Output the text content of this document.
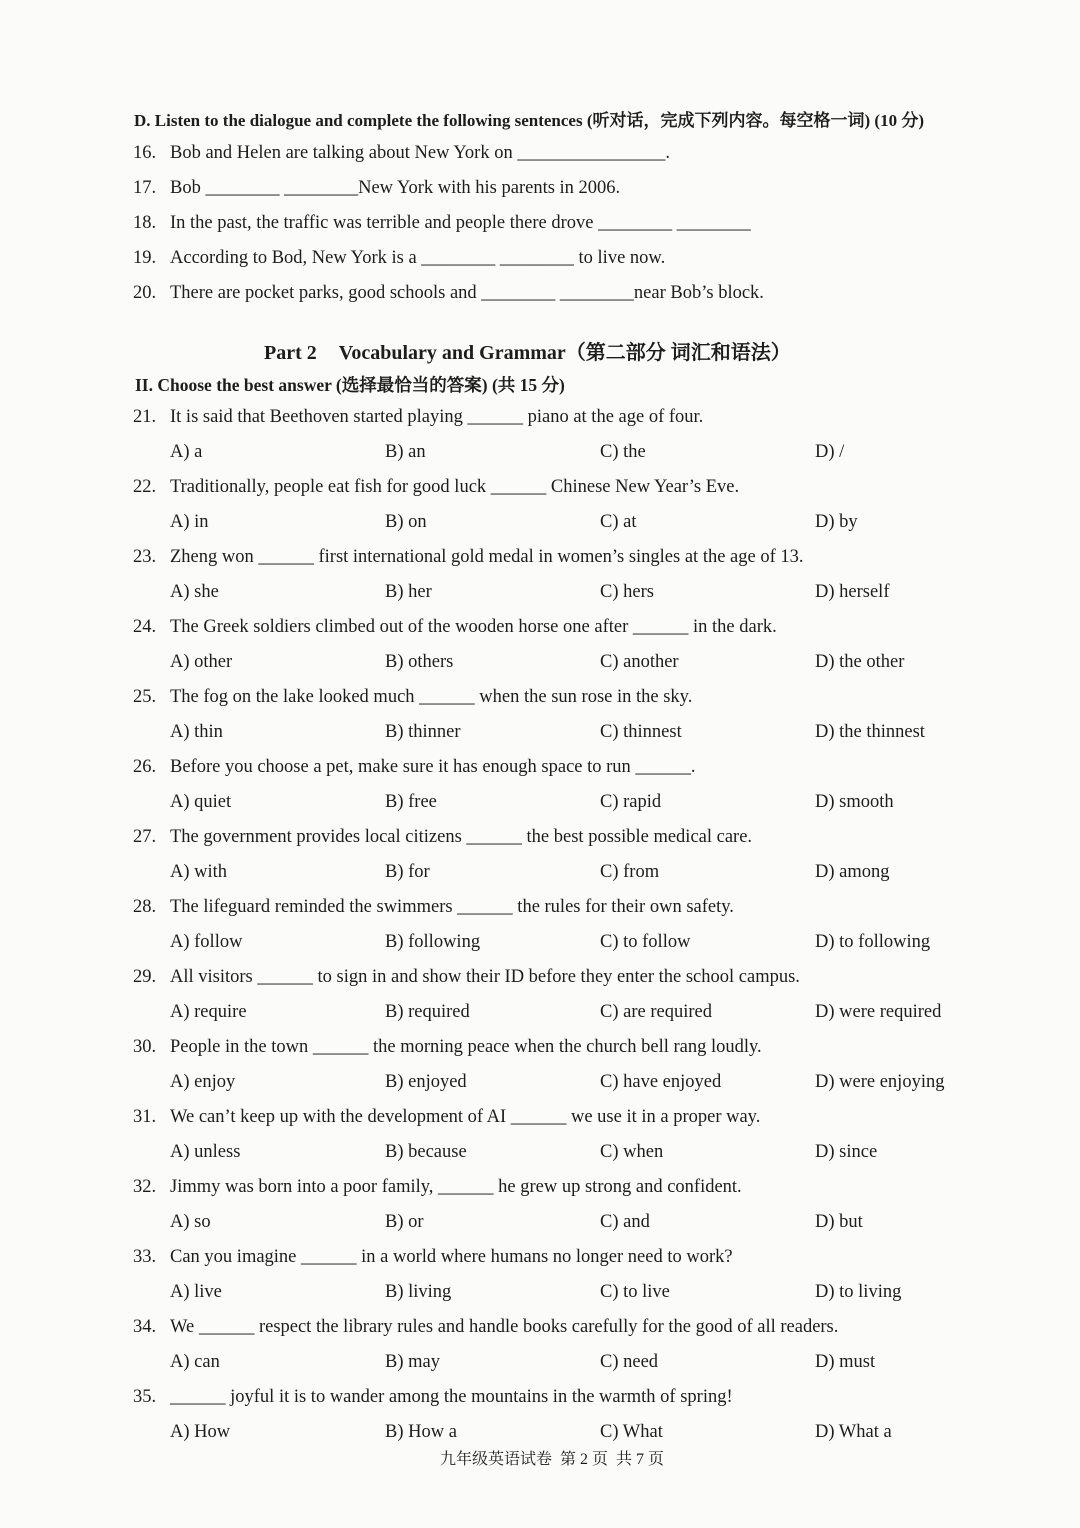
D. Listen to the dialogue and complete the following sentences (听对话，完成下列内容。每空格一词) (10 分)
16. Bob and Helen are talking about New York on ________________.
17. Bob ________ ________New York with his parents in 2006.
18. In the past, the traffic was terrible and people there drove ________ ________
19. According to Bod, New York is a ________ ________ to live now.
20. There are pocket parks, good schools and ________ ________near Bob’s block.
Part 2 Vocabulary and Grammar（第二部分 词汇和语法）
II. Choose the best answer (选择最恰当的答案) (共 15 分)
21. It is said that Beethoven started playing ______ piano at the age of four.
A) a	B) an	C) the	D) /
22. Traditionally, people eat fish for good luck ______ Chinese New Year’s Eve.
A) in	B) on	C) at	D) by
23. Zheng won ______ first international gold medal in women’s singles at the age of 13.
A) she	B) her	C) hers	D) herself
24. The Greek soldiers climbed out of the wooden horse one after ______ in the dark.
A) other	B) others	C) another	D) the other
25. The fog on the lake looked much ______ when the sun rose in the sky.
A) thin	B) thinner	C) thinnest	D) the thinnest
26. Before you choose a pet, make sure it has enough space to run ______.
A) quiet	B) free	C) rapid	D) smooth
27. The government provides local citizens ______ the best possible medical care.
A) with	B) for	C) from	D) among
28. The lifeguard reminded the swimmers ______ the rules for their own safety.
A) follow	B) following	C) to follow	D) to following
29. All visitors ______ to sign in and show their ID before they enter the school campus.
A) require	B) required	C) are required	D) were required
30. People in the town ______ the morning peace when the church bell rang loudly.
A) enjoy	B) enjoyed	C) have enjoyed	D) were enjoying
31. We can’t keep up with the development of AI ______ we use it in a proper way.
A) unless	B) because	C) when	D) since
32. Jimmy was born into a poor family, ______ he grew up strong and confident.
A) so	B) or	C) and	D) but
33. Can you imagine ______ in a world where humans no longer need to work?
A) live	B) living	C) to live	D) to living
34. We ______ respect the library rules and handle books carefully for the good of all readers.
A) can	B) may	C) need	D) must
35. ______ joyful it is to wander among the mountains in the warmth of spring!
A) How	B) How a	C) What	D) What a
九年级英语试卷  第 2 页  共 7 页
